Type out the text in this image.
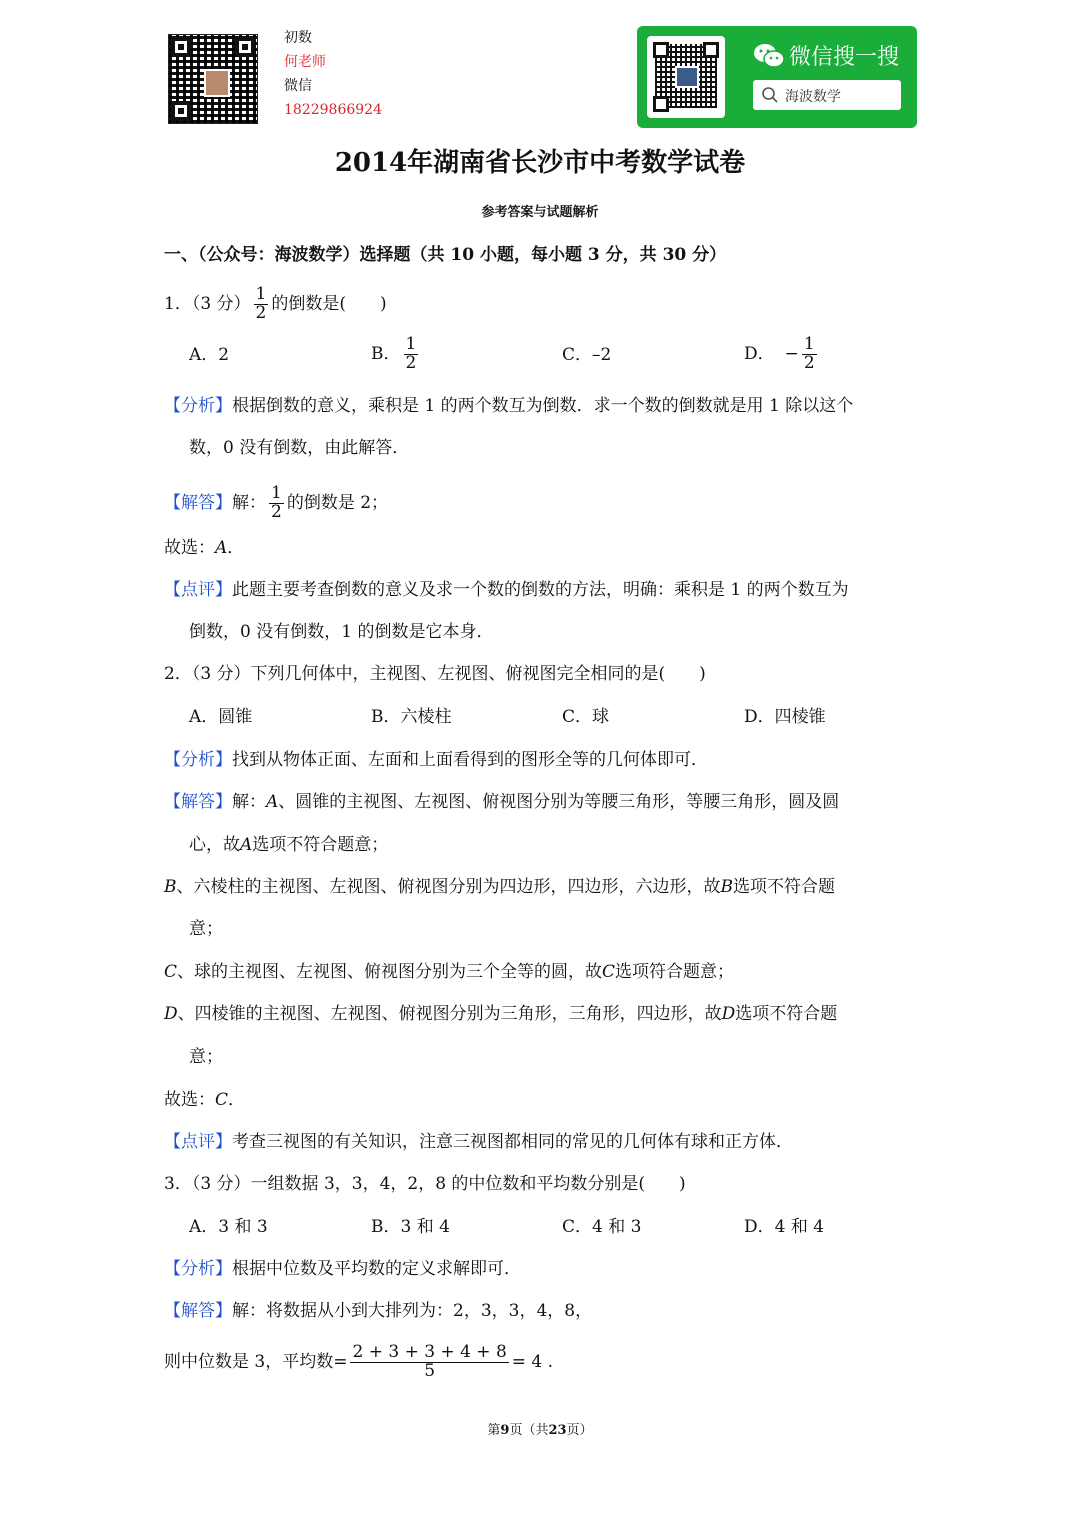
初数
何老师
微信
18229866924
微信搜一搜
海波数学
2014年湖南省长沙市中考数学试卷
参考答案与试题解析
一、（公众号：海波数学）选择题（共 10 小题，每小题 3 分，共 30 分）
1．（3 分） $\frac{1}{2}$ 的倒数是(　　)
A．2	B． $\frac{1}{2}$	C．–2	D． − $\frac{1}{2}$
【分析】根据倒数的意义，乘积是 1 的两个数互为倒数．求一个数的倒数就是用 1 除以这个
数，0 没有倒数，由此解答．
【解答】解： $\frac{1}{2}$ 的倒数是 2；
故选：A．
【点评】此题主要考查倒数的意义及求一个数的倒数的方法，明确：乘积是 1 的两个数互为
倒数，0 没有倒数，1 的倒数是它本身．
2．（3 分）下列几何体中，主视图、左视图、俯视图完全相同的是(　　)
A．圆锥	B．六棱柱	C．球	D．四棱锥
【分析】找到从物体正面、左面和上面看得到的图形全等的几何体即可．
【解答】解：A、圆锥的主视图、左视图、俯视图分别为等腰三角形，等腰三角形，圆及圆
心，故A选项不符合题意；
B、六棱柱的主视图、左视图、俯视图分别为四边形，四边形，六边形，故B选项不符合题
意；
C、球的主视图、左视图、俯视图分别为三个全等的圆，故C选项符合题意；
D、四棱锥的主视图、左视图、俯视图分别为三角形，三角形，四边形，故D选项不符合题
意；
故选：C．
【点评】考查三视图的有关知识，注意三视图都相同的常见的几何体有球和正方体．
3．（3 分）一组数据 3，3，4，2，8 的中位数和平均数分别是(　　)
A．3 和 3	B．3 和 4	C．4 和 3	D．4 和 4
【分析】根据中位数及平均数的定义求解即可．
【解答】解：将数据从小到大排列为：2，3，3，4，8，
则中位数是 3，平均数= $\frac{2 + 3 + 3 + 4 + 8}{5} = 4$ .
第9页（共23页）
